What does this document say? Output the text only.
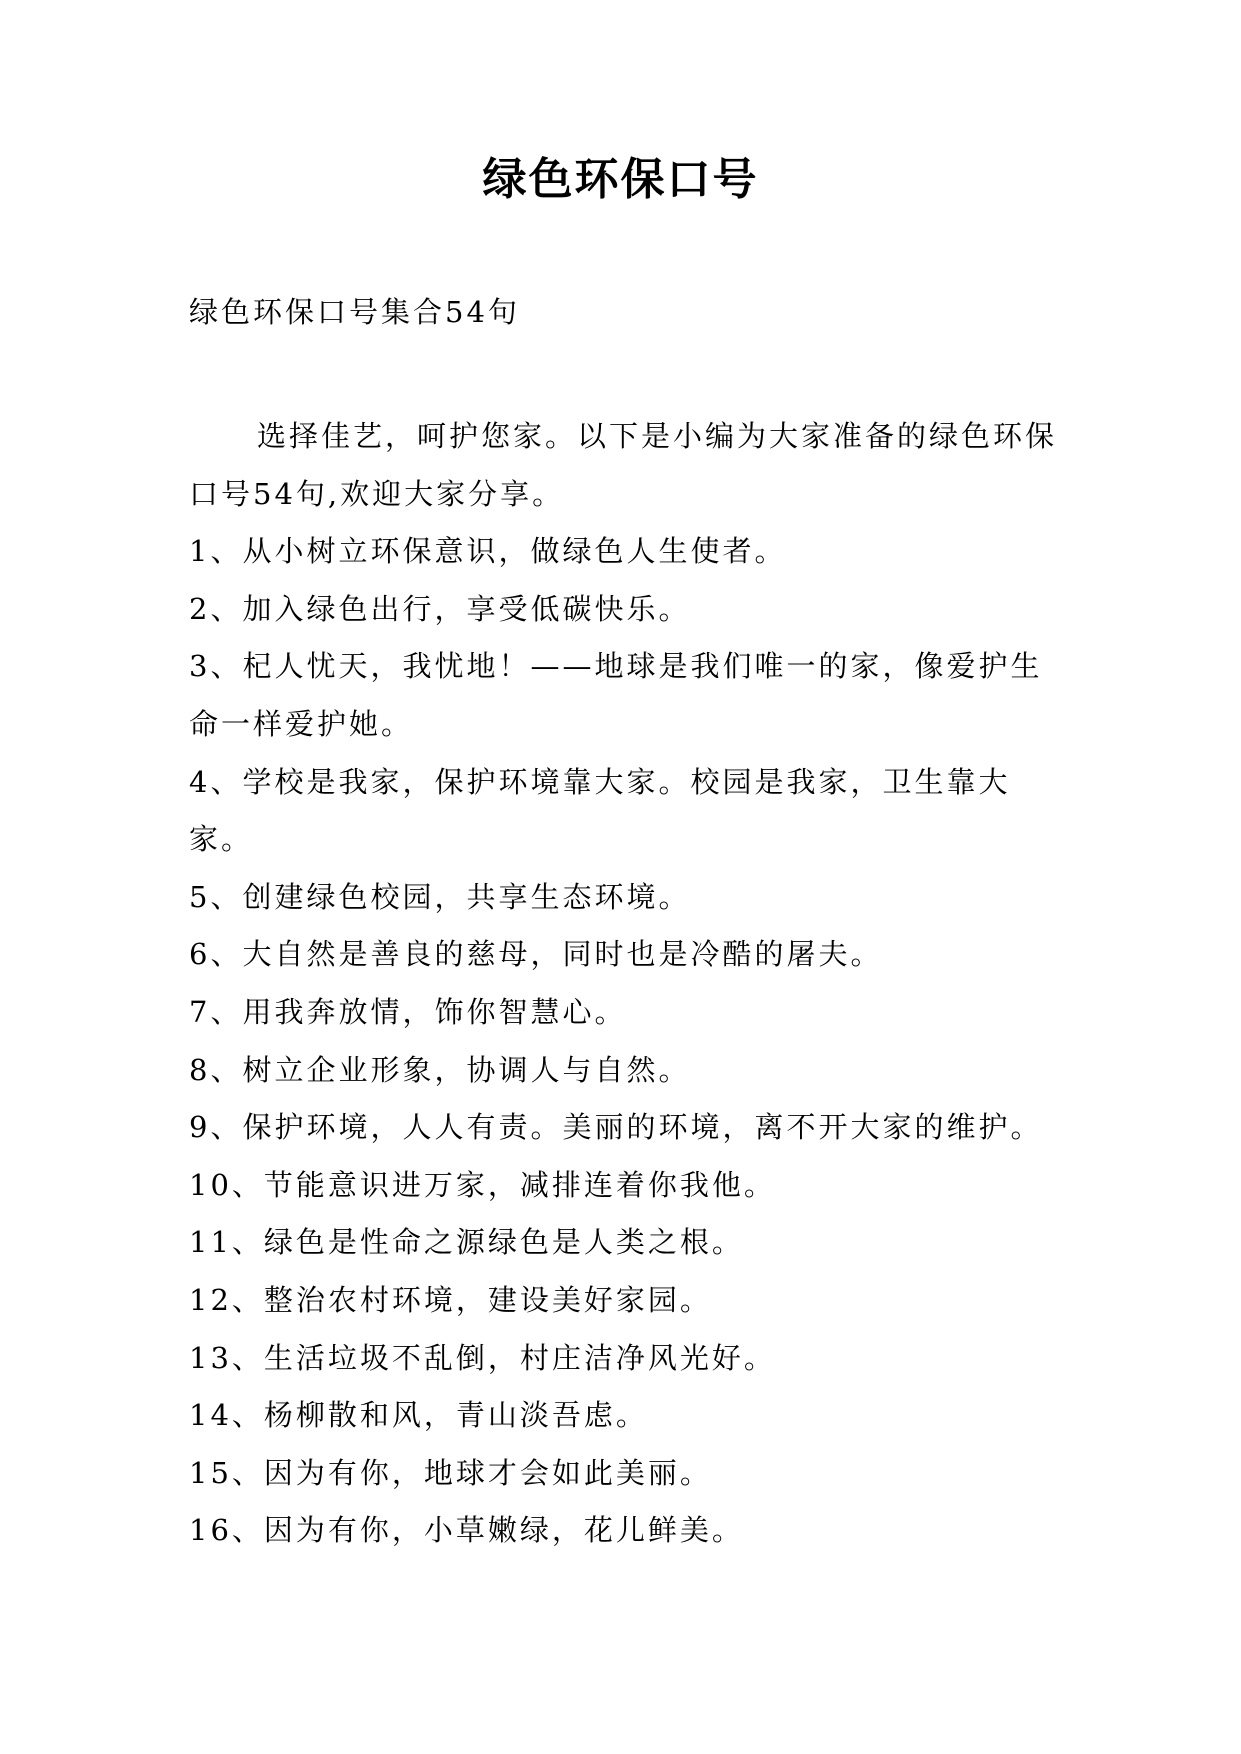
绿色环保口号
绿色环保口号集合54句

选择佳艺，呵护您家。以下是小编为大家准备的绿色环保口号54句,欢迎大家分享。

1、从小树立环保意识，做绿色人生使者。

2、加入绿色出行，享受低碳快乐。

3、杞人忧天，我忧地！——地球是我们唯一的家，像爱护生命一样爱护她。

4、学校是我家，保护环境靠大家。校园是我家，卫生靠大家。

5、创建绿色校园，共享生态环境。

6、大自然是善良的慈母，同时也是冷酷的屠夫。

7、用我奔放情，饰你智慧心。

8、树立企业形象，协调人与自然。

9、保护环境，人人有责。美丽的环境，离不开大家的维护。

10、节能意识进万家，减排连着你我他。

11、绿色是性命之源绿色是人类之根。

12、整治农村环境，建设美好家园。

13、生活垃圾不乱倒，村庄洁净风光好。

14、杨柳散和风，青山淡吾虑。

15、因为有你，地球才会如此美丽。

16、因为有你，小草嫩绿，花儿鲜美。
